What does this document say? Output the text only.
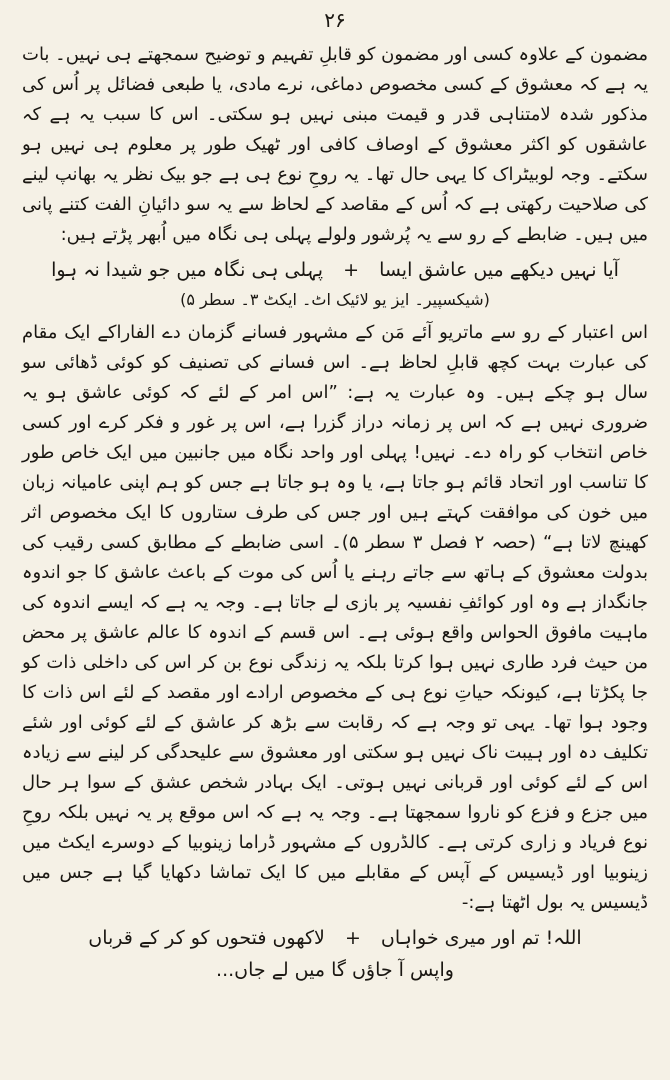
۲۶

مضمون کے علاوہ کسی اور مضمون کو قابلِ تفہیم و توضیح سمجھتے ہی نہیں۔ بات یہ ہے کہ معشوق کے کسی مخصوص دماغی، نرے مادی، یا طبعی فضائل پر اُس کی مذکور شدہ لامتناہی قدر و قیمت مبنی نہیں ہو سکتی۔ اس کا سبب یہ ہے کہ عاشقوں کو اکثر معشوق کے اوصاف کافی اور ٹھیک طور پر معلوم ہی نہیں ہو سکتے۔ وجہ لوبیٹراک کا یہی حال تھا۔ یہ روحِ نوع ہی ہے جو بیک نظر یہ بھانپ لینے کی صلاحیت رکھتی ہے کہ اُس کے مقاصد کے لحاظ سے یہ سو دائیانِ الفت کتنے پانی میں ہیں۔ ضابطے کے رو سے یہ پُرشور ولولے پہلی ہی نگاہ میں اُبھر پڑتے ہیں:

آیا نہیں دیکھے میں عاشق ایسا + پہلی ہی نگاہ میں جو شیدا نہ ہوا
(شیکسپیر۔ ایز یو لائیک اٹ۔ ایکٹ ۳۔ سطر ۵)

اس اعتبار کے رو سے ماتریو آئے مَن کے مشہور فسانے گزمان دے الفاراکے ایک مقام کی عبارت بہت کچھ قابلِ لحاظ ہے۔ اس فسانے کی تصنیف کو کوئی ڈھائی سو سال ہو چکے ہیں۔ وہ عبارت یہ ہے: ”اس امر کے لئے کہ کوئی عاشق ہو یہ ضروری نہیں ہے کہ اس پر زمانہ دراز گزرا ہے، اس پر غور و فکر کرے اور کسی خاص انتخاب کو راہ دے۔ نہیں! پہلی اور واحد نگاہ میں جانبین میں ایک خاص طور کا تناسب اور اتحاد قائم ہو جاتا ہے، یا وہ ہو جاتا ہے جس کو ہم اپنی عامیانہ زبان میں خون کی موافقت کہتے ہیں اور جس کی طرف ستاروں کا ایک مخصوص اثر کھینچ لاتا ہے“ (حصہ ۲ فصل ۳ سطر ۵)۔ اسی ضابطے کے مطابق کسی رقیب کی بدولت معشوق کے ہاتھ سے جاتے رہنے یا اُس کی موت کے باعث عاشق کا جو اندوہ جانگداز ہے وہ اور کوائفِ نفسیہ پر بازی لے جاتا ہے۔ وجہ یہ ہے کہ ایسے اندوہ کی ماہیت مافوق الحواس واقع ہوئی ہے۔ اس قسم کے اندوہ کا عالم عاشق پر محض من حیث فرد طاری نہیں ہوا کرتا بلکہ یہ زندگی نوع بن کر اس کی داخلی ذات کو جا پکڑتا ہے، کیونکہ حیاتِ نوع ہی کے مخصوص ارادے اور مقصد کے لئے اس ذات کا وجود ہوا تھا۔ یہی تو وجہ ہے کہ رقابت سے بڑھ کر عاشق کے لئے کوئی اور شئے تکلیف دہ اور ہیبت ناک نہیں ہو سکتی اور معشوق سے علیحدگی کر لینے سے زیادہ اس کے لئے کوئی اور قربانی نہیں ہوتی۔ ایک بہادر شخص عشق کے سوا ہر حال میں جزع و فزع کو ناروا سمجھتا ہے۔ وجہ یہ ہے کہ اس موقع پر یہ نہیں بلکہ روحِ نوع فریاد و زاری کرتی ہے۔ کالڈروں کے مشہور ڈراما زینوبیا کے دوسرے ایکٹ میں زینوبیا اور ڈیسیس کے آپس کے مقابلے میں کا ایک تماشا دکھایا گیا ہے جس میں ڈیسیس یہ بول اٹھتا ہے:-

اللہ! تم اور میری خواہاں + لاکھوں فتحوں کو کر کے قرباں
واپس آ جاؤں گا میں لے جاں...
